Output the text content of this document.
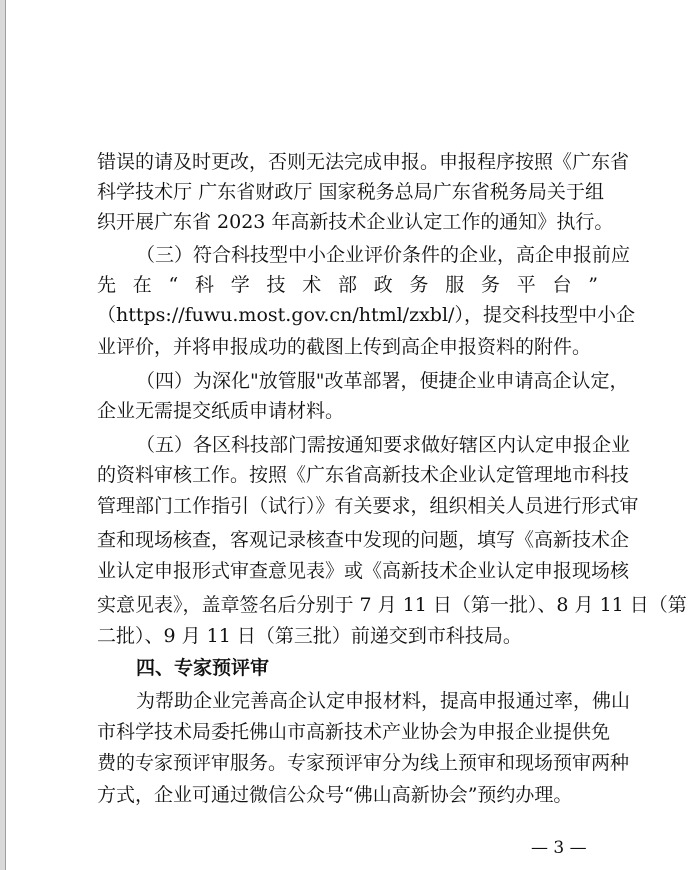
错误的请及时更改，否则无法完成申报。申报程序按照《广东省
科学技术厅 广东省财政厅 国家税务总局广东省税务局关于组
织开展广东省 2023 年高新技术企业认定工作的通知》执行。
（三）符合科技型中小企业评价条件的企业，高企申报前应
先在“科学技术部政务服务平台”
（https://fuwu.most.gov.cn/html/zxbl/），提交科技型中小企
业评价，并将申报成功的截图上传到高企申报资料的附件。
（四）为深化"放管服"改革部署，便捷企业申请高企认定，
企业无需提交纸质申请材料。
（五）各区科技部门需按通知要求做好辖区内认定申报企业
的资料审核工作。按照《广东省高新技术企业认定管理地市科技
管理部门工作指引（试行）》有关要求，组织相关人员进行形式审
查和现场核查，客观记录核查中发现的问题，填写《高新技术企
业认定申报形式审查意见表》或《高新技术企业认定申报现场核
实意见表》，盖章签名后分别于 7 月 11 日（第一批）、8 月 11 日（第
二批）、9 月 11 日（第三批）前递交到市科技局。
四、专家预评审
为帮助企业完善高企认定申报材料，提高申报通过率，佛山
市科学技术局委托佛山市高新技术产业协会为申报企业提供免
费的专家预评审服务。专家预评审分为线上预审和现场预审两种
方式，企业可通过微信公众号“佛山高新协会”预约办理。
— 3 —
